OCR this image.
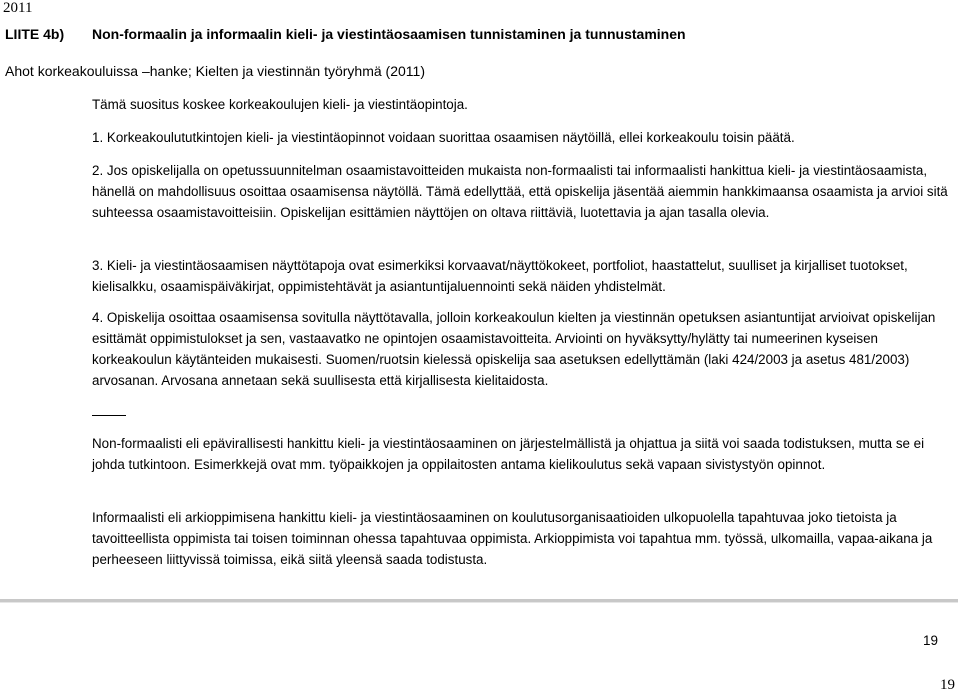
2011
LIITE 4b) Non-formaalin ja informaalin kieli- ja viestintäosaamisen tunnistaminen ja tunnustaminen
Ahot korkeakouluissa –hanke; Kielten ja viestinnän työryhmä (2011)

Tämä suositus koskee korkeakoulujen kieli- ja viestintäopintoja.

1. Korkeakoulututkintojen kieli- ja viestintäopinnot voidaan suorittaa osaamisen näytöillä, ellei korkeakoulu toisin päätä.

2. Jos opiskelijalla on opetussuunnitelman osaamistavoitteiden mukaista non-formaalisti tai informaalisti hankittua kieli- ja viestintäosaamista, hänellä on mahdollisuus osoittaa osaamisensa näytöllä. Tämä edellyttää, että opiskelija jäsentää aiemmin hankkimaansa osaamista ja arvioi sitä suhteessa osaamistavoitteisiin. Opiskelijan esittämien näyttöjen on oltava riittäviä, luotettavia ja ajan tasalla olevia.

3. Kieli- ja viestintäosaamisen näyttötapoja ovat esimerkiksi korvaavat/näyttökokeet, portfoliot, haastattelut, suulliset ja kirjalliset tuotokset, kielisalkku, osaamispäiväkirjat, oppimistehtävät ja asiantuntijaluennointi sekä näiden yhdistelmät.

4. Opiskelija osoittaa osaamisensa sovitulla näyttötavalla, jolloin korkeakoulun kielten ja viestinnän opetuksen asiantuntijat arvioivat opiskelijan esittämät oppimistulokset ja sen, vastaavatko ne opintojen osaamistavoitteita. Arviointi on hyväksytty/hylätty tai numeerinen kyseisen korkeakoulun käytänteiden mukaisesti. Suomen/ruotsin kielessä opiskelija saa asetuksen edellyttämän (laki 424/2003 ja asetus 481/2003) arvosanan. Arvosana annetaan sekä suullisesta että kirjallisesta kielitaidosta.

Non-formaalisti eli epävirallisesti hankittu kieli- ja viestintäosaaminen on järjestelmällistä ja ohjattua ja siitä voi saada todistuksen, mutta se ei johda tutkintoon. Esimerkkejä ovat mm. työpaikkojen ja oppilaitosten antama kielikoulutus sekä vapaan sivistystyön opinnot.

Informaalisti eli arkioppimisena hankittu kieli- ja viestintäosaaminen on koulutusorganisaatioiden ulkopuolella tapahtuvaa joko tietoista ja tavoitteellista oppimista tai toisen toiminnan ohessa tapahtuvaa oppimista. Arkioppimista voi tapahtua mm. työssä, ulkomailla, vapaa-aikana ja perheeseen liittyvissä toimissa, eikä siitä yleensä saada todistusta.

19
19
